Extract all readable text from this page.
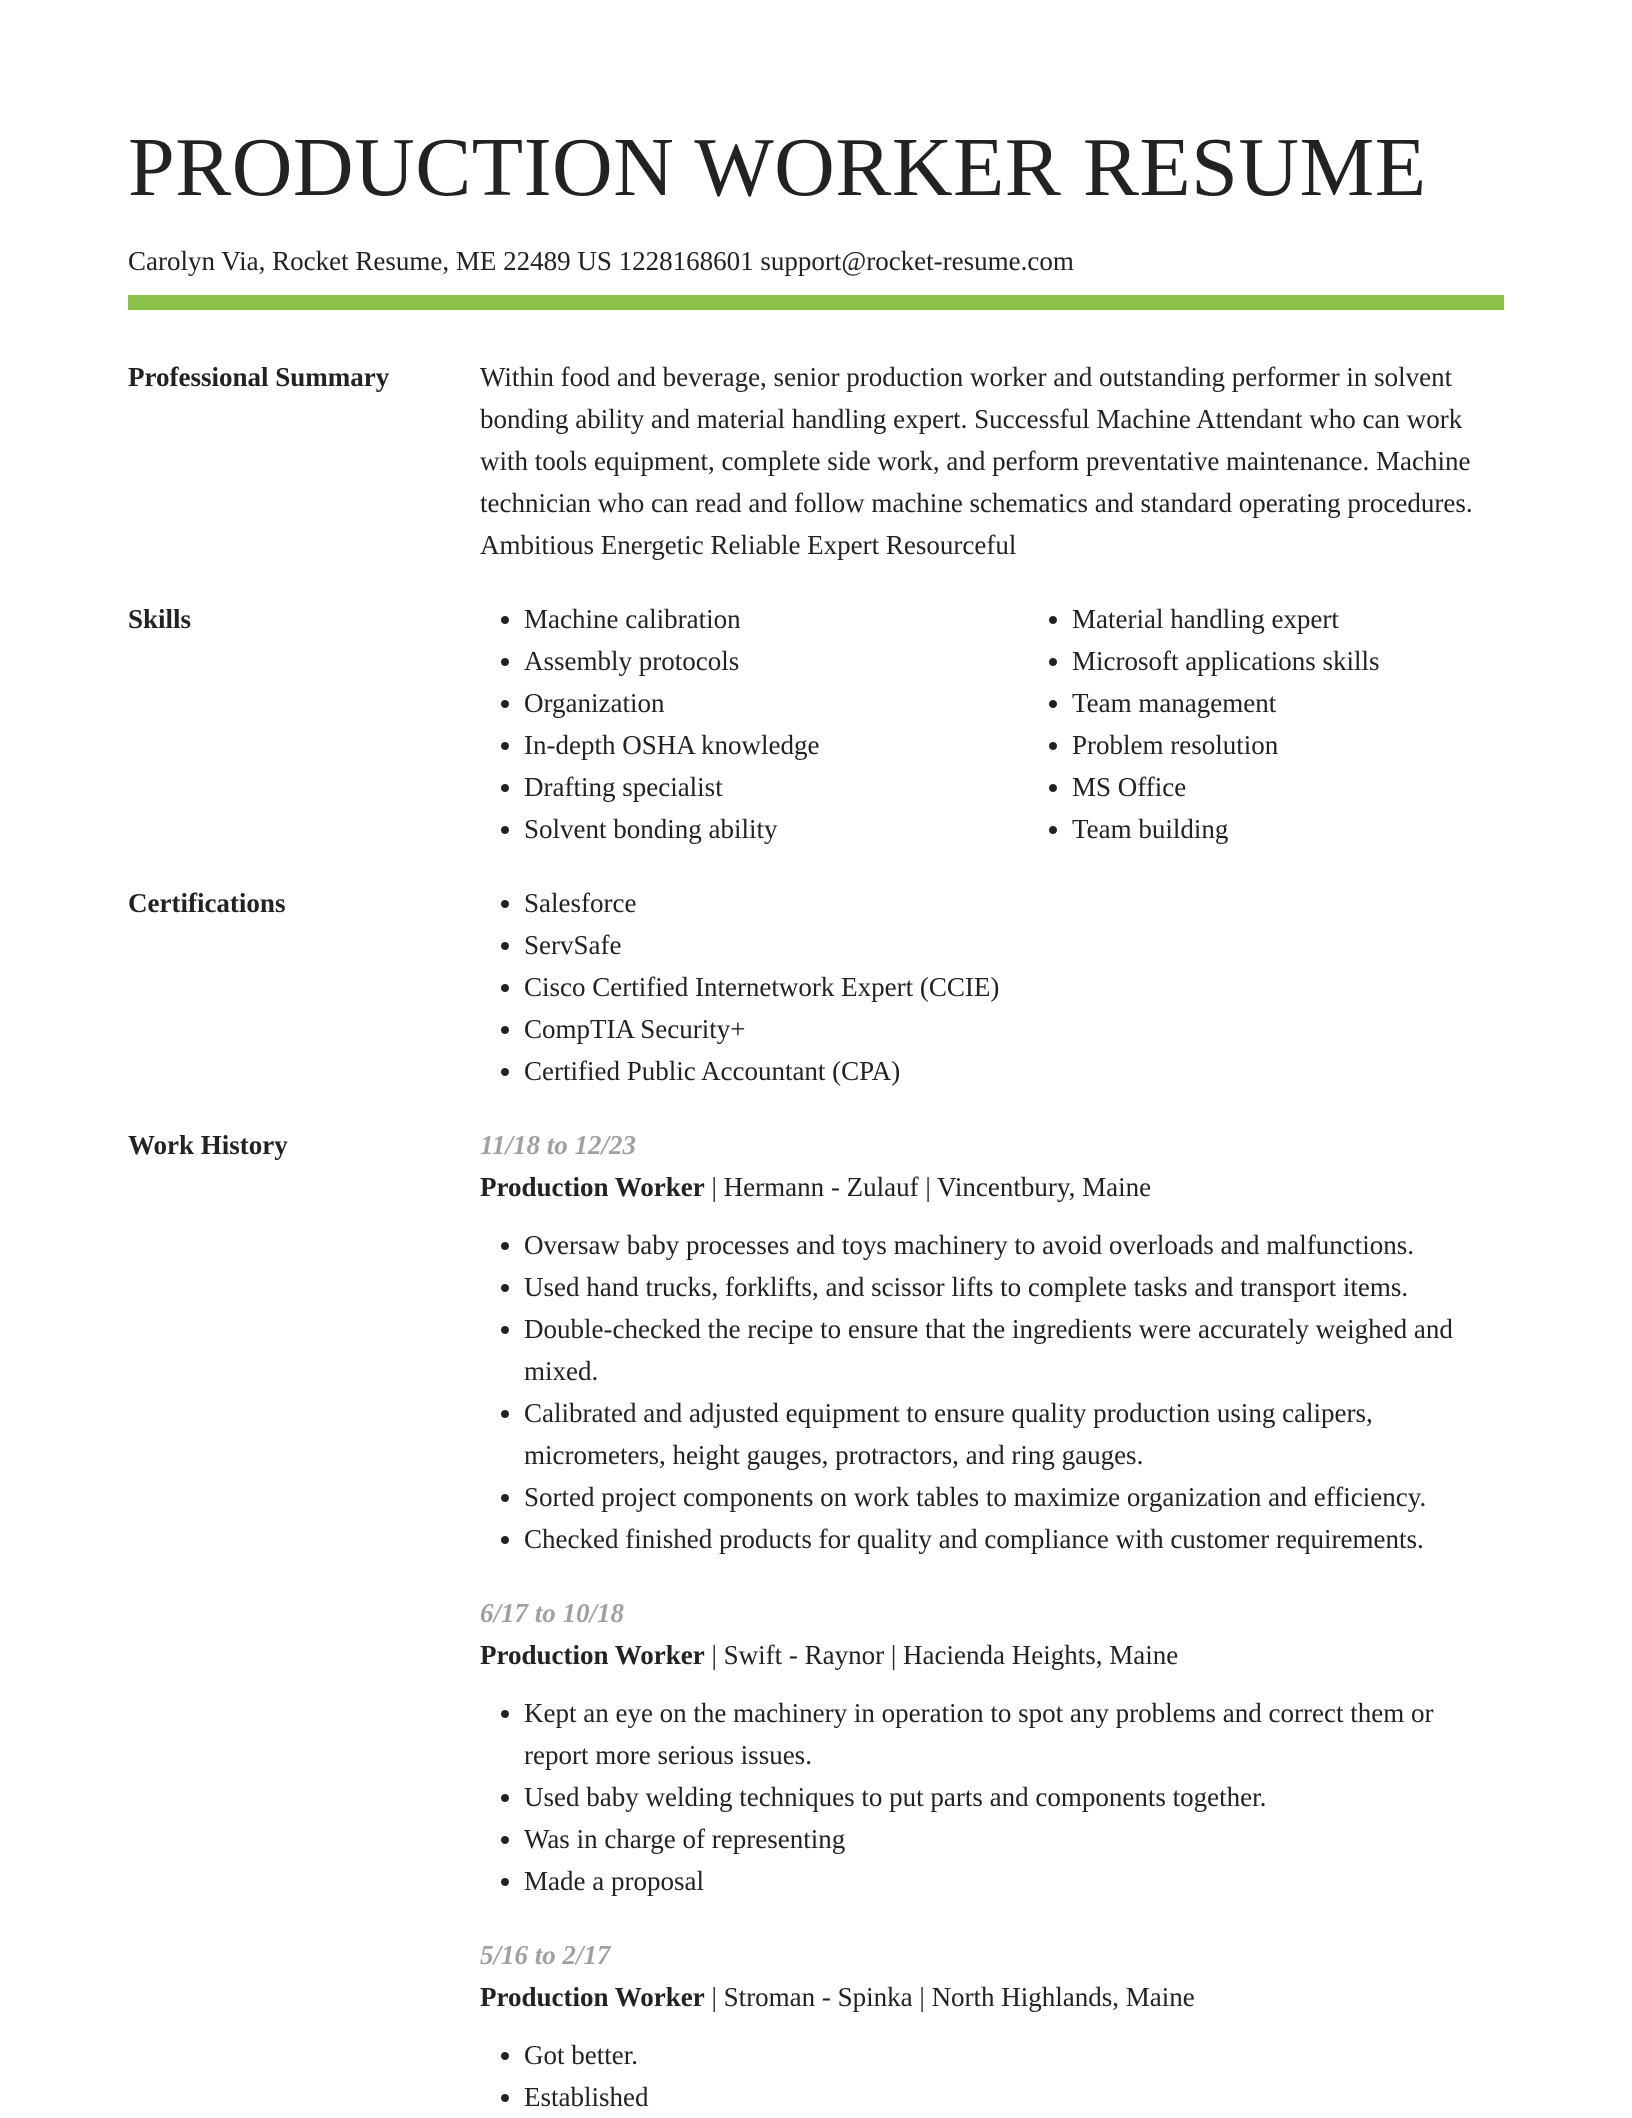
PRODUCTION WORKER RESUME
Carolyn Via, Rocket Resume, ME 22489 US 1228168601 support@rocket-resume.com
Professional Summary	Within food and beverage, senior production worker and outstanding performer in solvent bonding ability and material handling expert. Successful Machine Attendant who can work with tools equipment, complete side work, and perform preventative maintenance. Machine technician who can read and follow machine schematics and standard operating procedures. Ambitious Energetic Reliable Expert Resourceful

Skills	• Machine calibration
• Assembly protocols
• Organization
• In-depth OSHA knowledge
• Drafting specialist
• Solvent bonding ability
• Material handling expert
• Microsoft applications skills
• Team management
• Problem resolution
• MS Office
• Team building
Certifications	• Salesforce
• ServSafe
• Cisco Certified Internetwork Expert (CCIE)
• CompTIA Security+
• Certified Public Accountant (CPA)
Work History	11/18 to 12/23
Production Worker | Hermann - Zulauf | Vincentbury, Maine
• Oversaw baby processes and toys machinery to avoid overloads and malfunctions.
• Used hand trucks, forklifts, and scissor lifts to complete tasks and transport items.
• Double-checked the recipe to ensure that the ingredients were accurately weighed and mixed.
• Calibrated and adjusted equipment to ensure quality production using calipers, micrometers, height gauges, protractors, and ring gauges.
• Sorted project components on work tables to maximize organization and efficiency.
• Checked finished products for quality and compliance with customer requirements.
6/17 to 10/18
Production Worker | Swift - Raynor | Hacienda Heights, Maine
• Kept an eye on the machinery in operation to spot any problems and correct them or report more serious issues.
• Used baby welding techniques to put parts and components together.
• Was in charge of representing
• Made a proposal
5/16 to 2/17
Production Worker | Stroman - Spinka | North Highlands, Maine
• Got better.
• Established
